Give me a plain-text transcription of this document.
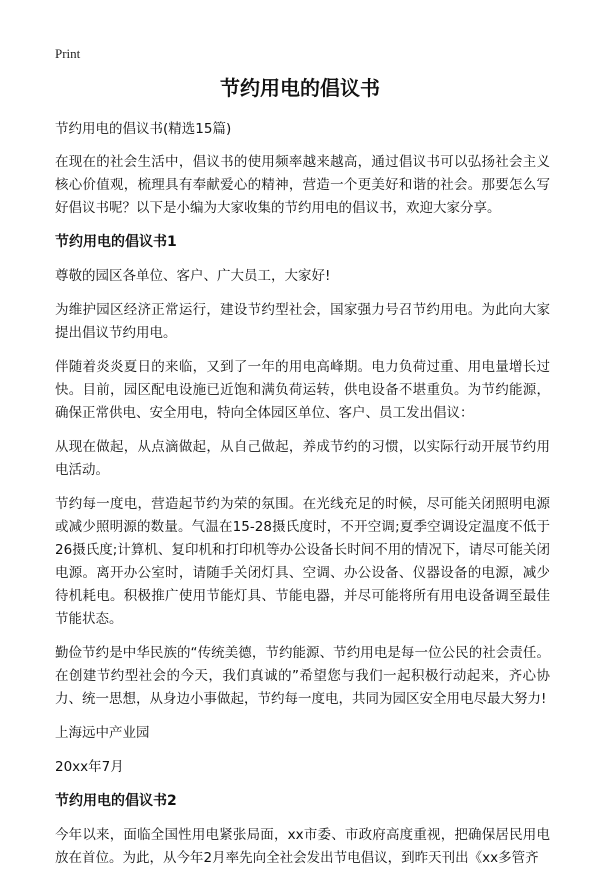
Print
节约用电的倡议书

节约用电的倡议书(精选15篇)

在现在的社会生活中，倡议书的使用频率越来越高，通过倡议书可以弘扬社会主义核心价值观，梳理具有奉献爱心的精神，营造一个更美好和谐的社会。那要怎么写好倡议书呢？以下是小编为大家收集的节约用电的倡议书，欢迎大家分享。

节约用电的倡议书1

尊敬的园区各单位、客户、广大员工，大家好!

为维护园区经济正常运行，建设节约型社会，国家强力号召节约用电。为此向大家提出倡议节约用电。

伴随着炎炎夏日的来临，又到了一年的用电高峰期。电力负荷过重、用电量增长过快。目前，园区配电设施已近饱和满负荷运转，供电设备不堪重负。为节约能源，确保正常供电、安全用电，特向全体园区单位、客户、员工发出倡议：

从现在做起，从点滴做起，从自己做起，养成节约的习惯，以实际行动开展节约用电活动。

节约每一度电，营造起节约为荣的氛围。在光线充足的时候，尽可能关闭照明电源或减少照明源的数量。气温在15-28摄氏度时，不开空调;夏季空调设定温度不低于26摄氏度;计算机、复印机和打印机等办公设备长时间不用的情况下，请尽可能关闭电源。离开办公室时，请随手关闭灯具、空调、办公设备、仪器设备的电源，减少待机耗电。积极推广使用节能灯具、节能电器，并尽可能将所有用电设备调至最佳节能状态。

勤俭节约是中华民族的“传统美德，节约能源、节约用电是每一位公民的社会责任。在创建节约型社会的今天，我们真诚的”希望您与我们一起积极行动起来，齐心协力、统一思想，从身边小事做起，节约每一度电，共同为园区安全用电尽最大努力!

上海远中产业园

20xx年7月

节约用电的倡议书2

今年以来，面临全国性用电紧张局面，xx市委、市政府高度重视，把确保居民用电放在首位。为此，从今年2月率先向全社会发出节电倡议，到昨天刊出《xx多管齐
